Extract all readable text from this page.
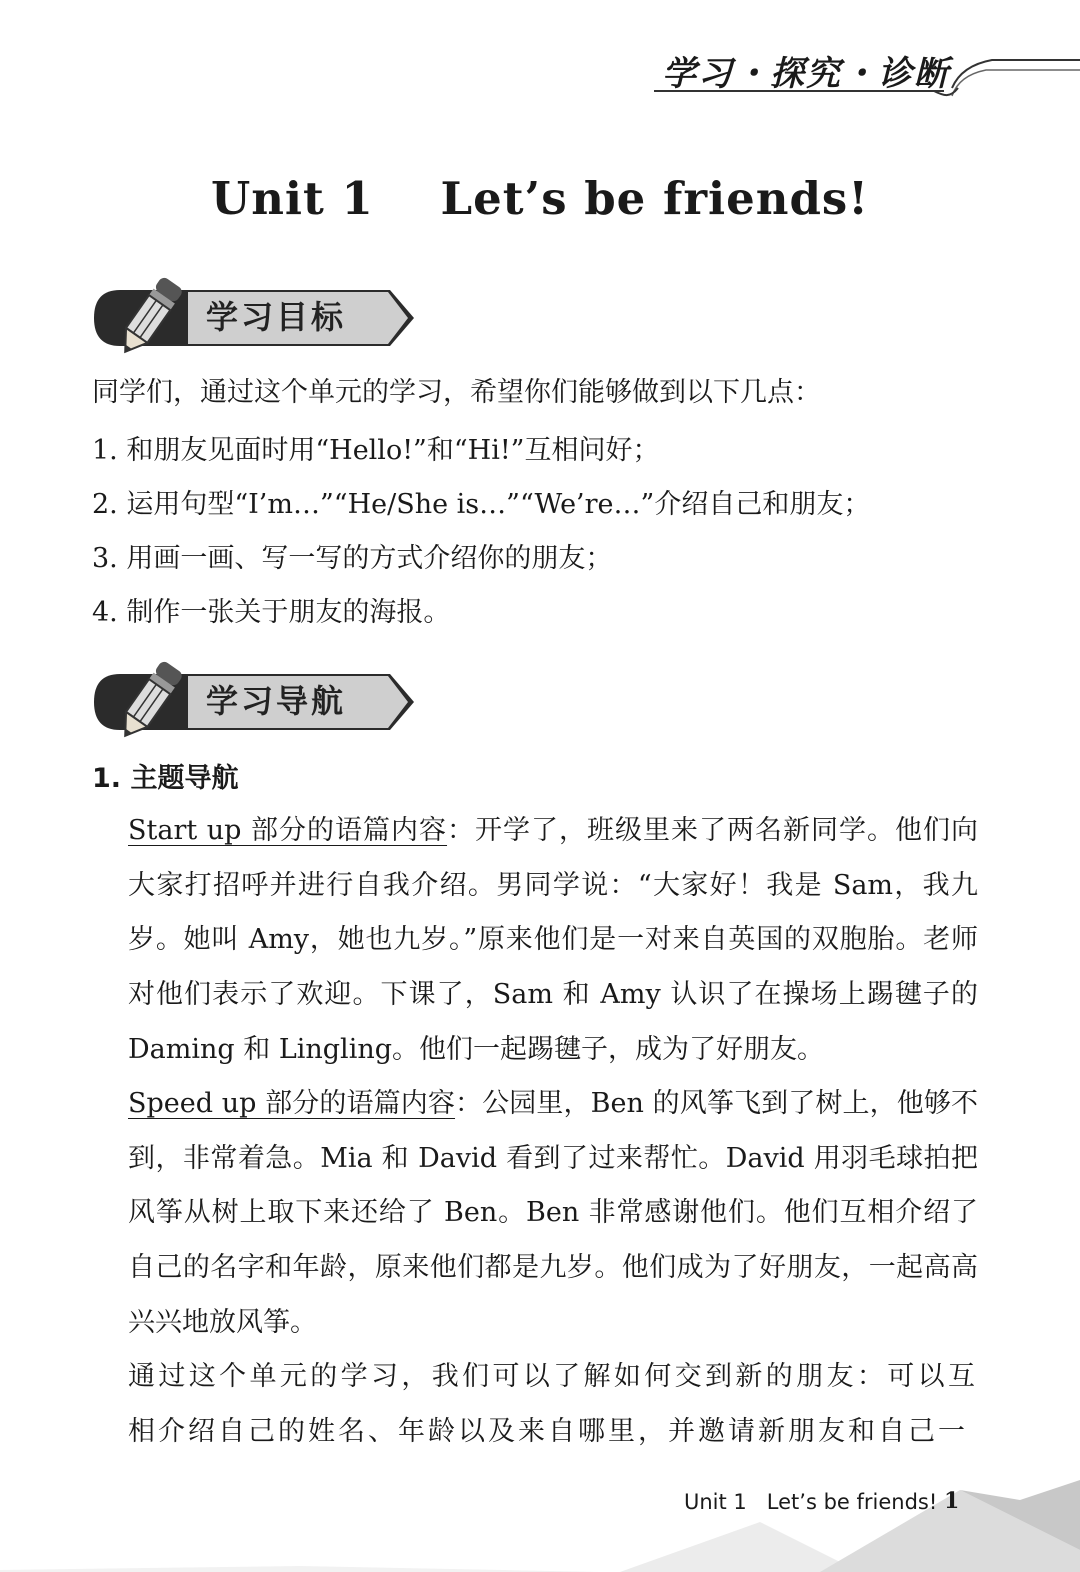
学习・探究・诊断
Unit 1 Let’s be friends!
学习目标
同学们，通过这个单元的学习，希望你们能够做到以下几点：
1. 和朋友见面时用“Hello!”和“Hi!”互相问好；
2. 运用句型“I’m…”“He/She is…”“We’re…”介绍自己和朋友；
3. 用画一画、写一写的方式介绍你的朋友；
4. 制作一张关于朋友的海报。
学习导航
1. 主题导航

Start up 部分的语篇内容：开学了，班级里来了两名新同学。他们向大家打招呼并进行自我介绍。男同学说：“大家好！我是 Sam，我九岁。她叫 Amy，她也九岁。”原来他们是一对来自英国的双胞胎。老师对他们表示了欢迎。下课了，Sam 和 Amy 认识了在操场上踢毽子的 Daming 和 Lingling。他们一起踢毽子，成为了好朋友。

Speed up 部分的语篇内容：公园里，Ben 的风筝飞到了树上，他够不到，非常着急。Mia 和 David 看到了过来帮忙。David 用羽毛球拍把风筝从树上取下来还给了 Ben。Ben 非常感谢他们。他们互相介绍了自己的名字和年龄，原来他们都是九岁。他们成为了好朋友，一起高高兴兴地放风筝。

通过这个单元的学习，我们可以了解如何交到新的朋友：可以互相介绍自己的姓名、年龄以及来自哪里，并邀请新朋友和自己一

Unit 1   Let’s be friends! 1
